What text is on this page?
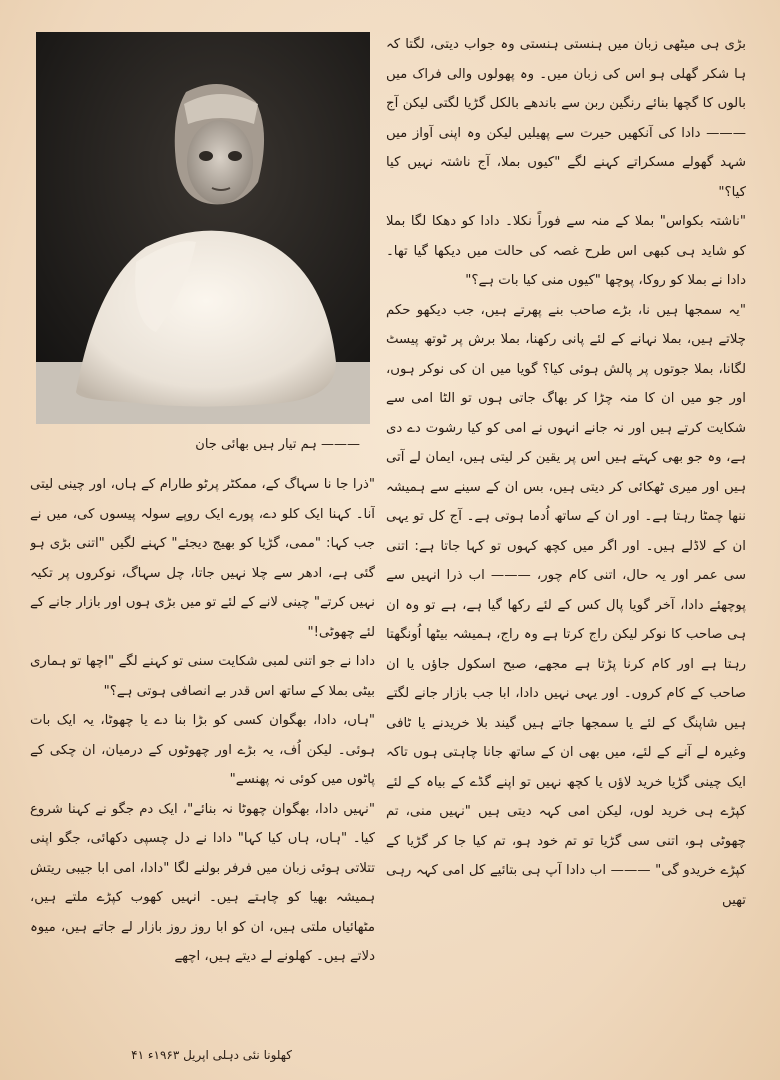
——— ہم تیار ہیں بھائی جان

بڑی ہی میٹھی زبان میں ہنستی ہنستی وہ جواب دیتی، لگتا کہ ہا شکر گھلی ہو اس کی زبان میں۔ وہ پھولوں والی فراک میں بالوں کا گچھا بنائے رنگین ربن سے باندھے بالکل گڑیا لگتی لیکن آج ——— دادا کی آنکھیں حیرت سے پھیلیں لیکن وہ اپنی آواز میں شہد گھولے مسکراتے کہنے لگے "کیوں بملا، آج ناشتہ نہیں کیا کیا؟"

"ناشتہ بکواس" بملا کے منہ سے فوراً نکلا۔ دادا کو دھکا لگا بملا کو شاید ہی کبھی اس طرح غصہ کی حالت میں دیکھا گیا تھا۔ دادا نے بملا کو روکا، پوچھا "کیوں منی کیا بات ہے؟"

"یہ سمجھا ہیں نا، بڑے صاحب بنے پھرتے ہیں، جب دیکھو حکم چلاتے ہیں، بملا نہانے کے لئے پانی رکھنا، بملا برش پر ٹوتھ پیسٹ لگانا، بملا جوتوں پر پالش ہوئی کیا؟ گویا میں ان کی نوکر ہوں، اور جو میں ان کا منہ چڑا کر بھاگ جاتی ہوں تو الٹا امی سے شکایت کرتے ہیں اور نہ جانے انہوں نے امی کو کیا رشوت دے دی ہے، وہ جو بھی کہتے ہیں اس پر یقین کر لیتی ہیں، ایمان لے آتی ہیں اور میری ٹھکائی کر دیتی ہیں، بس ان کے سینے سے ہمیشہ ننھا چمٹا رہتا ہے۔ اور ان کے ساتھ اُدما ہوتی ہے۔ آج کل تو یہی ان کے لاڈلے ہیں۔ اور اگر میں کچھ کہوں تو کہا جاتا ہے: اتنی سی عمر اور یہ حال، اتنی کام چور، ——— اب ذرا انہیں سے پوچھئے دادا، آخر گویا پال کس کے لئے رکھا گیا ہے، ہے تو وہ ان ہی صاحب کا نوکر لیکن راج کرتا ہے وہ راج، ہمیشہ بیٹھا اُونگھتا رہتا ہے اور کام کرنا پڑتا ہے مجھے، صبح اسکول جاؤں یا ان صاحب کے کام کروں۔ اور یہی نہیں دادا، ابا جب بازار جانے لگتے ہیں شاپنگ کے لئے یا سمجھا جاتے ہیں گیند بلا خریدنے یا ٹافی وغیرہ لے آنے کے لئے، میں بھی ان کے ساتھ جانا چاہتی ہوں تاکہ ایک چینی گڑیا خرید لاؤں یا کچھ نہیں تو اپنے گڈے کے بیاہ کے لئے کپڑے ہی خرید لوں، لیکن امی کہہ دیتی ہیں "نہیں منی، تم چھوٹی ہو، اتنی سی گڑیا تو تم خود ہو، تم کیا جا کر گڑیا کے کپڑے خریدو گی" ——— اب دادا آپ ہی بتائیے کل امی کہہ رہی تھیں

"ذرا جا نا سہاگ کے، ممکٹر پرٹو طارام کے ہاں، اور چینی لیتی آنا۔ کہنا ایک کلو دے، پورے ایک روپے سولہ پیسوں کی، میں نے جب کہا: "ممی، گڑیا کو بھیج دیجئے" کہنے لگیں "اتنی بڑی ہو گئی ہے، ادھر سے چلا نہیں جاتا، چل سہاگ، نوکروں پر تکیہ نہیں کرتے" چینی لانے کے لئے تو میں بڑی ہوں اور بازار جانے کے لئے چھوٹی!"

دادا نے جو اتنی لمبی شکایت سنی تو کہنے لگے "اچھا تو ہماری بیٹی بملا کے ساتھ اس قدر بے انصافی ہوتی ہے؟"

"ہاں، دادا، بھگوان کسی کو بڑا بنا دے یا چھوٹا، یہ ایک بات ہوئی۔ لیکن اُف، یہ بڑے اور چھوٹوں کے درمیان، ان چکی کے پاٹوں میں کوئی نہ پھنسے"

"نہیں دادا، بھگوان چھوٹا نہ بنائے"، ایک دم جگو نے کہنا شروع کیا۔ "ہاں، ہاں کیا کہا" دادا نے دل چسپی دکھائی، جگو اپنی تتلاتی ہوئی زبان میں فرفر بولنے لگا "دادا، امی ابا جیبی ریتش ہمیشہ بھیا کو چاہتے ہیں۔ انہیں کھوب کپڑے ملتے ہیں، مٹھائیاں ملتی ہیں، ان کو ابا روز روز بازار لے جاتے ہیں، میوہ دلاتے ہیں۔ کھلونے لے دیتے ہیں، اچھے

کھلونا نئی دہلی اپریل ۱۹۶۳ء ۴۱
